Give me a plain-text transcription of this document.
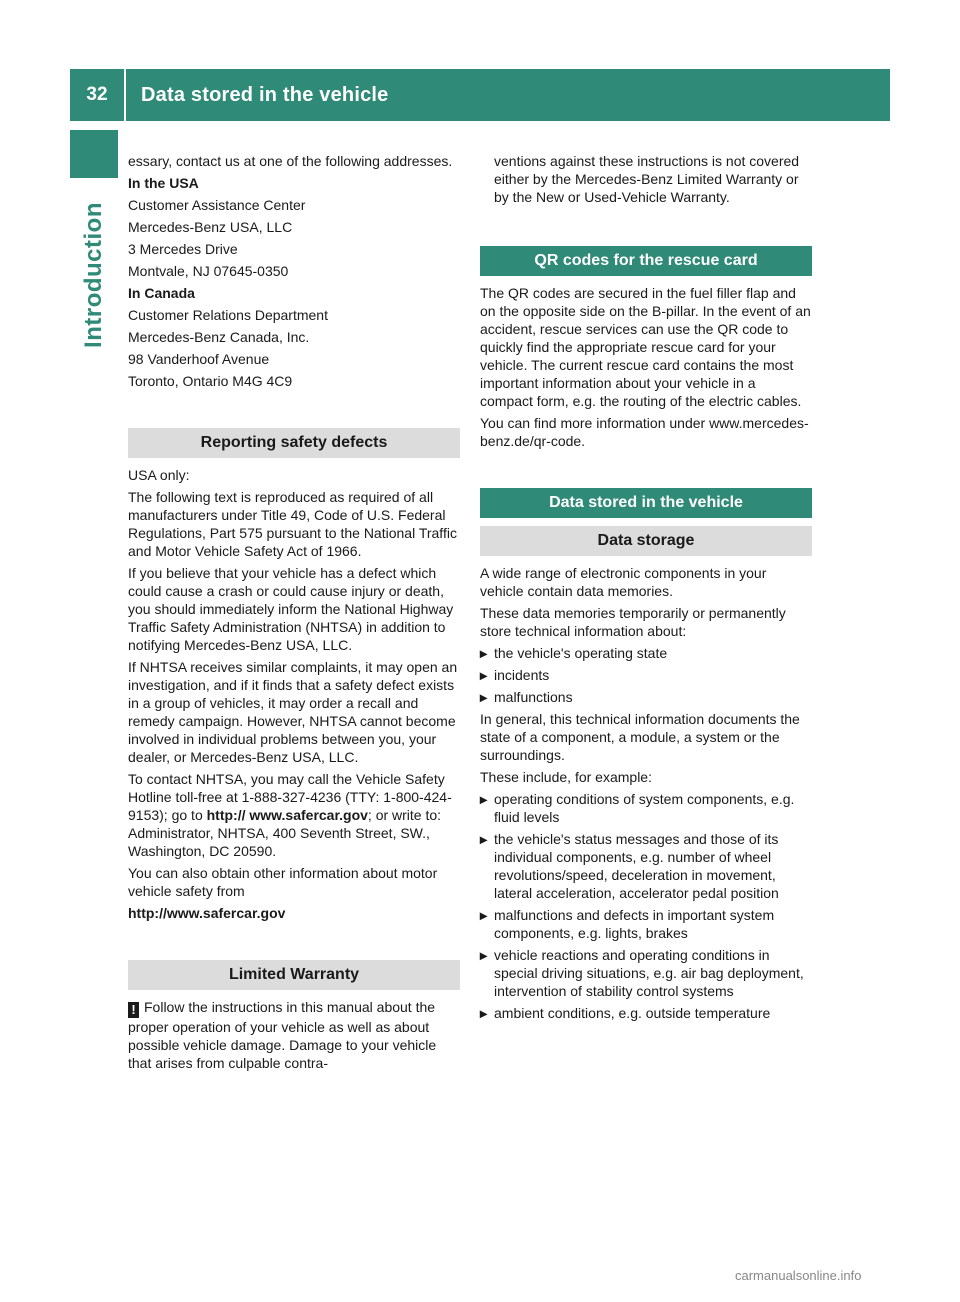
32	Data stored in the vehicle
Introduction

essary, contact us at one of the following addresses.

In the USA

Customer Assistance Center

Mercedes-Benz USA, LLC

3 Mercedes Drive

Montvale, NJ 07645-0350

In Canada

Customer Relations Department

Mercedes-Benz Canada, Inc.

98 Vanderhoof Avenue

Toronto, Ontario M4G 4C9

Reporting safety defects

USA only:

The following text is reproduced as required of all manufacturers under Title 49, Code of U.S. Federal Regulations, Part 575 pursuant to the National Traffic and Motor Vehicle Safety Act of 1966.

If you believe that your vehicle has a defect which could cause a crash or could cause injury or death, you should immediately inform the National Highway Traffic Safety Administration (NHTSA) in addition to notifying Mercedes-Benz USA, LLC.

If NHTSA receives similar complaints, it may open an investigation, and if it finds that a safety defect exists in a group of vehicles, it may order a recall and remedy campaign. However, NHTSA cannot become involved in individual problems between you, your dealer, or Mercedes-Benz USA, LLC.

To contact NHTSA, you may call the Vehicle Safety Hotline toll-free at 1-888-327-4236 (TTY: 1-800-424-9153); go to http:// www.safercar.gov; or write to: Administrator, NHTSA, 400 Seventh Street, SW., Washington, DC 20590.

You can also obtain other information about motor vehicle safety from

http://www.safercar.gov

Limited Warranty

! Follow the instructions in this manual about the proper operation of your vehicle as well as about possible vehicle damage. Damage to your vehicle that arises from culpable contra-

ventions against these instructions is not covered either by the Mercedes-Benz Limited Warranty or by the New or Used-Vehicle Warranty.

QR codes for the rescue card

The QR codes are secured in the fuel filler flap and on the opposite side on the B-pillar. In the event of an accident, rescue services can use the QR code to quickly find the appropriate rescue card for your vehicle. The current rescue card contains the most important information about your vehicle in a compact form, e.g. the routing of the electric cables.

You can find more information under www.mercedes-benz.de/qr-code.

Data stored in the vehicle
Data storage

A wide range of electronic components in your vehicle contain data memories.

These data memories temporarily or permanently store technical information about:

▸ the vehicle's operating state
▸ incidents
▸ malfunctions

In general, this technical information documents the state of a component, a module, a system or the surroundings.

These include, for example:

▸ operating conditions of system components, e.g. fluid levels
▸ the vehicle's status messages and those of its individual components, e.g. number of wheel revolutions/speed, deceleration in movement, lateral acceleration, accelerator pedal position
▸ malfunctions and defects in important system components, e.g. lights, brakes
▸ vehicle reactions and operating conditions in special driving situations, e.g. air bag deployment, intervention of stability control systems
▸ ambient conditions, e.g. outside temperature
carmanualsonline.info
